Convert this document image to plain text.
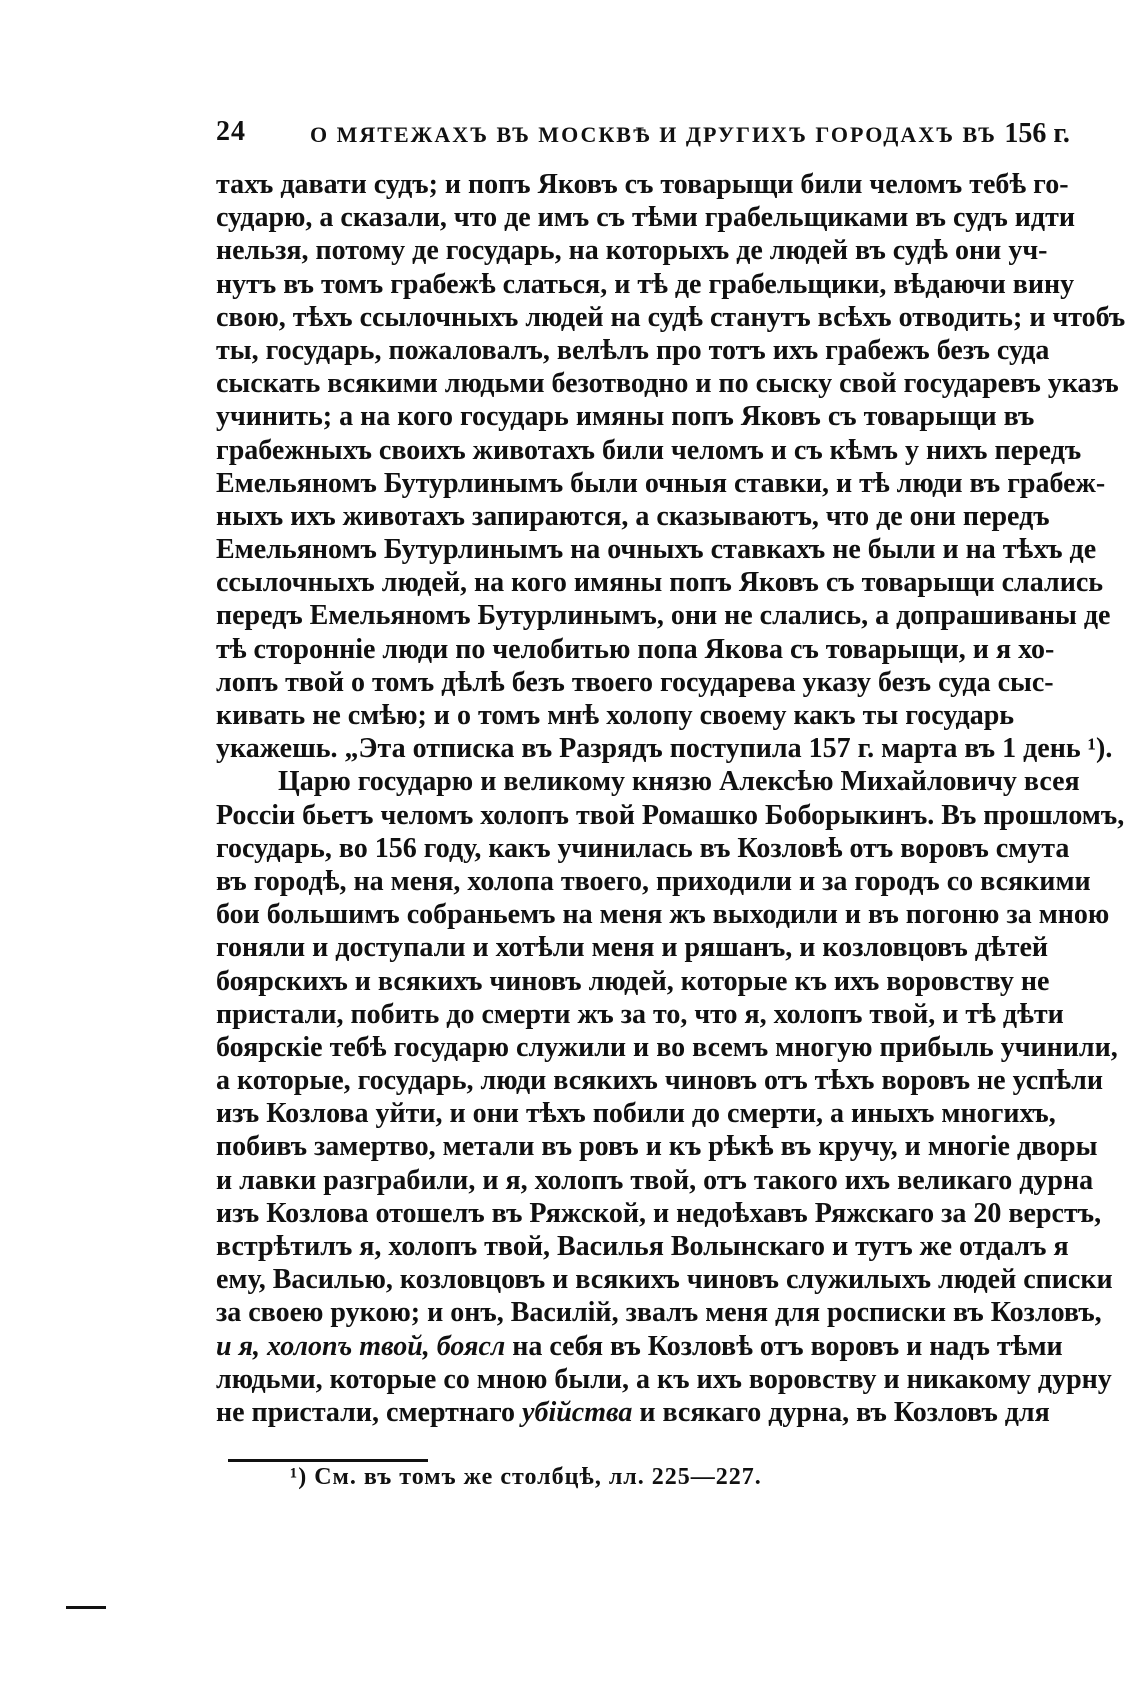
24	О МЯТЕЖАХЪ ВЪ МОСКВѢ И ДРУГИХЪ ГОРОДАХЪ ВЪ 156 г.
тахъ давати судъ; и попъ Яковъ съ товарыщи били челомъ тебѣ го-
сударю, а сказали, что де имъ съ тѣми грабельщиками въ судъ идти
нельзя, потому де государь, на которыхъ де людей въ судѣ они уч-
нутъ въ томъ грабежѣ слаться, и тѣ де грабельщики, вѣдаючи вину
свою, тѣхъ ссылочныхъ людей на судѣ станутъ всѣхъ отводить; и чтобъ
ты, государь, пожаловалъ, велѣлъ про тотъ ихъ грабежъ безъ суда
сыскать всякими людьми безотводно и по сыску свой государевъ указъ
учинить; а на кого государь имяны попъ Яковъ съ товарыщи въ
грабежныхъ своихъ животахъ били челомъ и съ кѣмъ у нихъ передъ
Емельяномъ Бутурлинымъ были очныя ставки, и тѣ люди въ грабеж-
ныхъ ихъ животахъ запираются, а сказываютъ, что де они передъ
Емельяномъ Бутурлинымъ на очныхъ ставкахъ не были и на тѣхъ де
ссылочныхъ людей, на кого имяны попъ Яковъ съ товарыщи слались
передъ Емельяномъ Бутурлинымъ, они не слались, а допрашиваны де
тѣ стороннiе люди по челобитью попа Якова съ товарыщи, и я хо-
лопъ твой о томъ дѣлѣ безъ твоего государева указу безъ суда сыс-
кивать не смѣю; и о томъ мнѣ холопу своему какъ ты государь
укажешь. „Эта отписка въ Разрядъ поступила 157 г. марта въ 1 день ¹).
Царю государю и великому князю Алексѣю Михайловичу всея
Россiи бьетъ челомъ холопъ твой Ромашко Боборыкинъ. Въ прошломъ,
государь, во 156 году, какъ учинилась въ Козловѣ отъ воровъ смута
въ городѣ, на меня, холопа твоего, приходили и за городъ со всякими
бои большимъ собраньемъ на меня жъ выходили и въ погоню за мною
гоняли и доступали и хотѣли меня и ряшанъ, и козловцовъ дѣтей
боярскихъ и всякихъ чиновъ людей, которые къ ихъ воровству не
пристали, побить до смерти жъ за то, что я, холопъ твой, и тѣ дѣти
боярскiе тебѣ государю служили и во всемъ многую прибыль учинили,
а которые, государь, люди всякихъ чиновъ отъ тѣхъ воровъ не успѣли
изъ Козлова уйти, и они тѣхъ побили до смерти, а иныхъ многихъ,
побивъ замертво, метали въ ровъ и къ рѣкѣ въ кручу, и многiе дворы
и лавки разграбили, и я, холопъ твой, отъ такого ихъ великаго дурна
изъ Козлова отошелъ въ Ряжской, и недоѣхавъ Ряжскаго за 20 верстъ,
встрѣтилъ я, холопъ твой, Василья Волынскаго и тутъ же отдалъ я
ему, Василью, козловцовъ и всякихъ чиновъ служилыхъ людей списки
за своею рукою; и онъ, Василiй, звалъ меня для росписки въ Козловъ,
и я, холопъ твой, боясл на себя въ Козловѣ отъ воровъ и надъ тѣми
людьми, которые со мною были, а къ ихъ воровству и никакому дурну
не пристали, смертнаго убiйства и всякаго дурна, въ Козловъ для
¹) См. въ томъ же столбцѣ, лл. 225—227.
